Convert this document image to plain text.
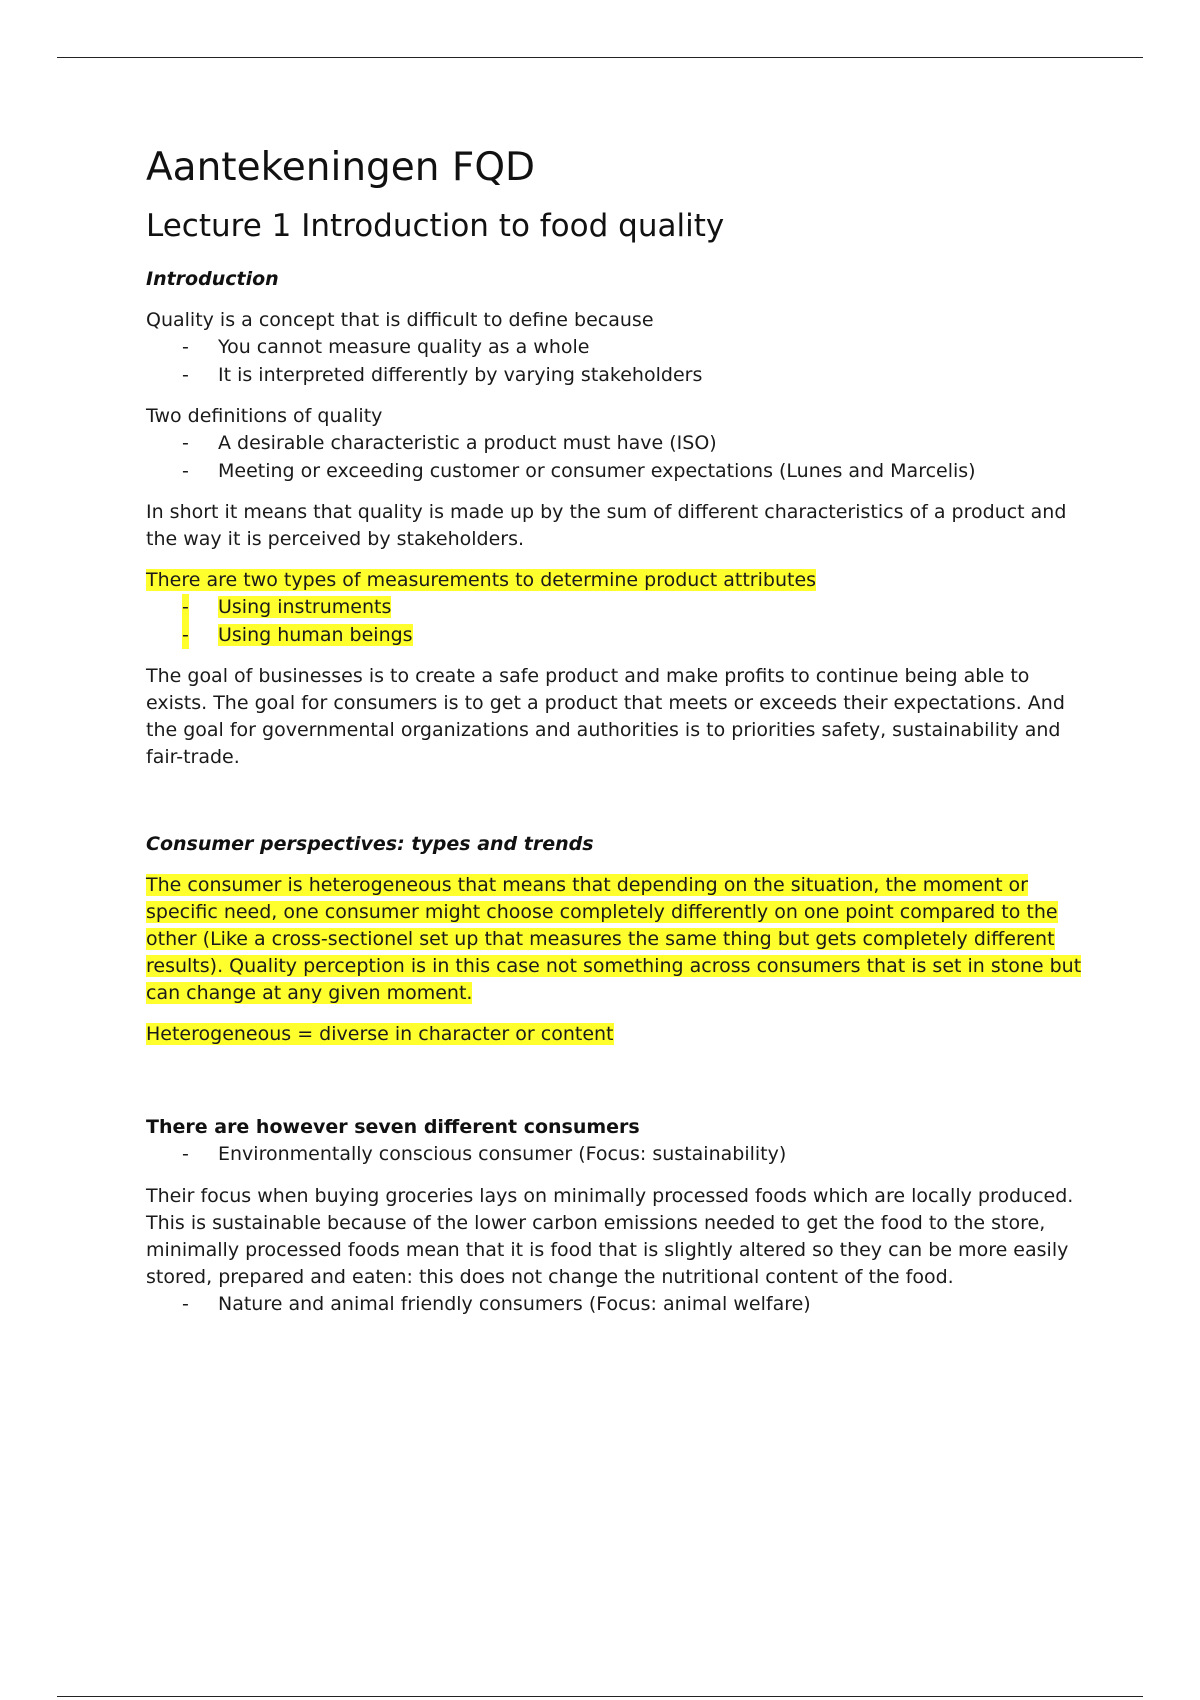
Aantekeningen FQD
Lecture 1 Introduction to food quality
Introduction

Quality is a concept that is difficult to define because

- You cannot measure quality as a whole
- It is interpreted differently by varying stakeholders

Two definitions of quality

- A desirable characteristic a product must have (ISO)
- Meeting or exceeding customer or consumer expectations (Lunes and Marcelis)

In short it means that quality is made up by the sum of different characteristics of a product and the way it is perceived by stakeholders.

There are two types of measurements to determine product attributes

- Using instruments
- Using human beings

The goal of businesses is to create a safe product and make profits to continue being able to exists. The goal for consumers is to get a product that meets or exceeds their expectations. And the goal for governmental organizations and authorities is to priorities safety, sustainability and fair-trade.

Consumer perspectives: types and trends

The consumer is heterogeneous that means that depending on the situation, the moment or specific need, one consumer might choose completely differently on one point compared to the other (Like a cross-sectionel set up that measures the same thing but gets completely different results). Quality perception is in this case not something across consumers that is set in stone but can change at any given moment.

Heterogeneous = diverse in character or content

There are however seven different consumers
- Environmentally conscious consumer (Focus: sustainability)

Their focus when buying groceries lays on minimally processed foods which are locally produced. This is sustainable because of the lower carbon emissions needed to get the food to the store, minimally processed foods mean that it is food that is slightly altered so they can be more easily stored, prepared and eaten: this does not change the nutritional content of the food.

- Nature and animal friendly consumers (Focus: animal welfare)
